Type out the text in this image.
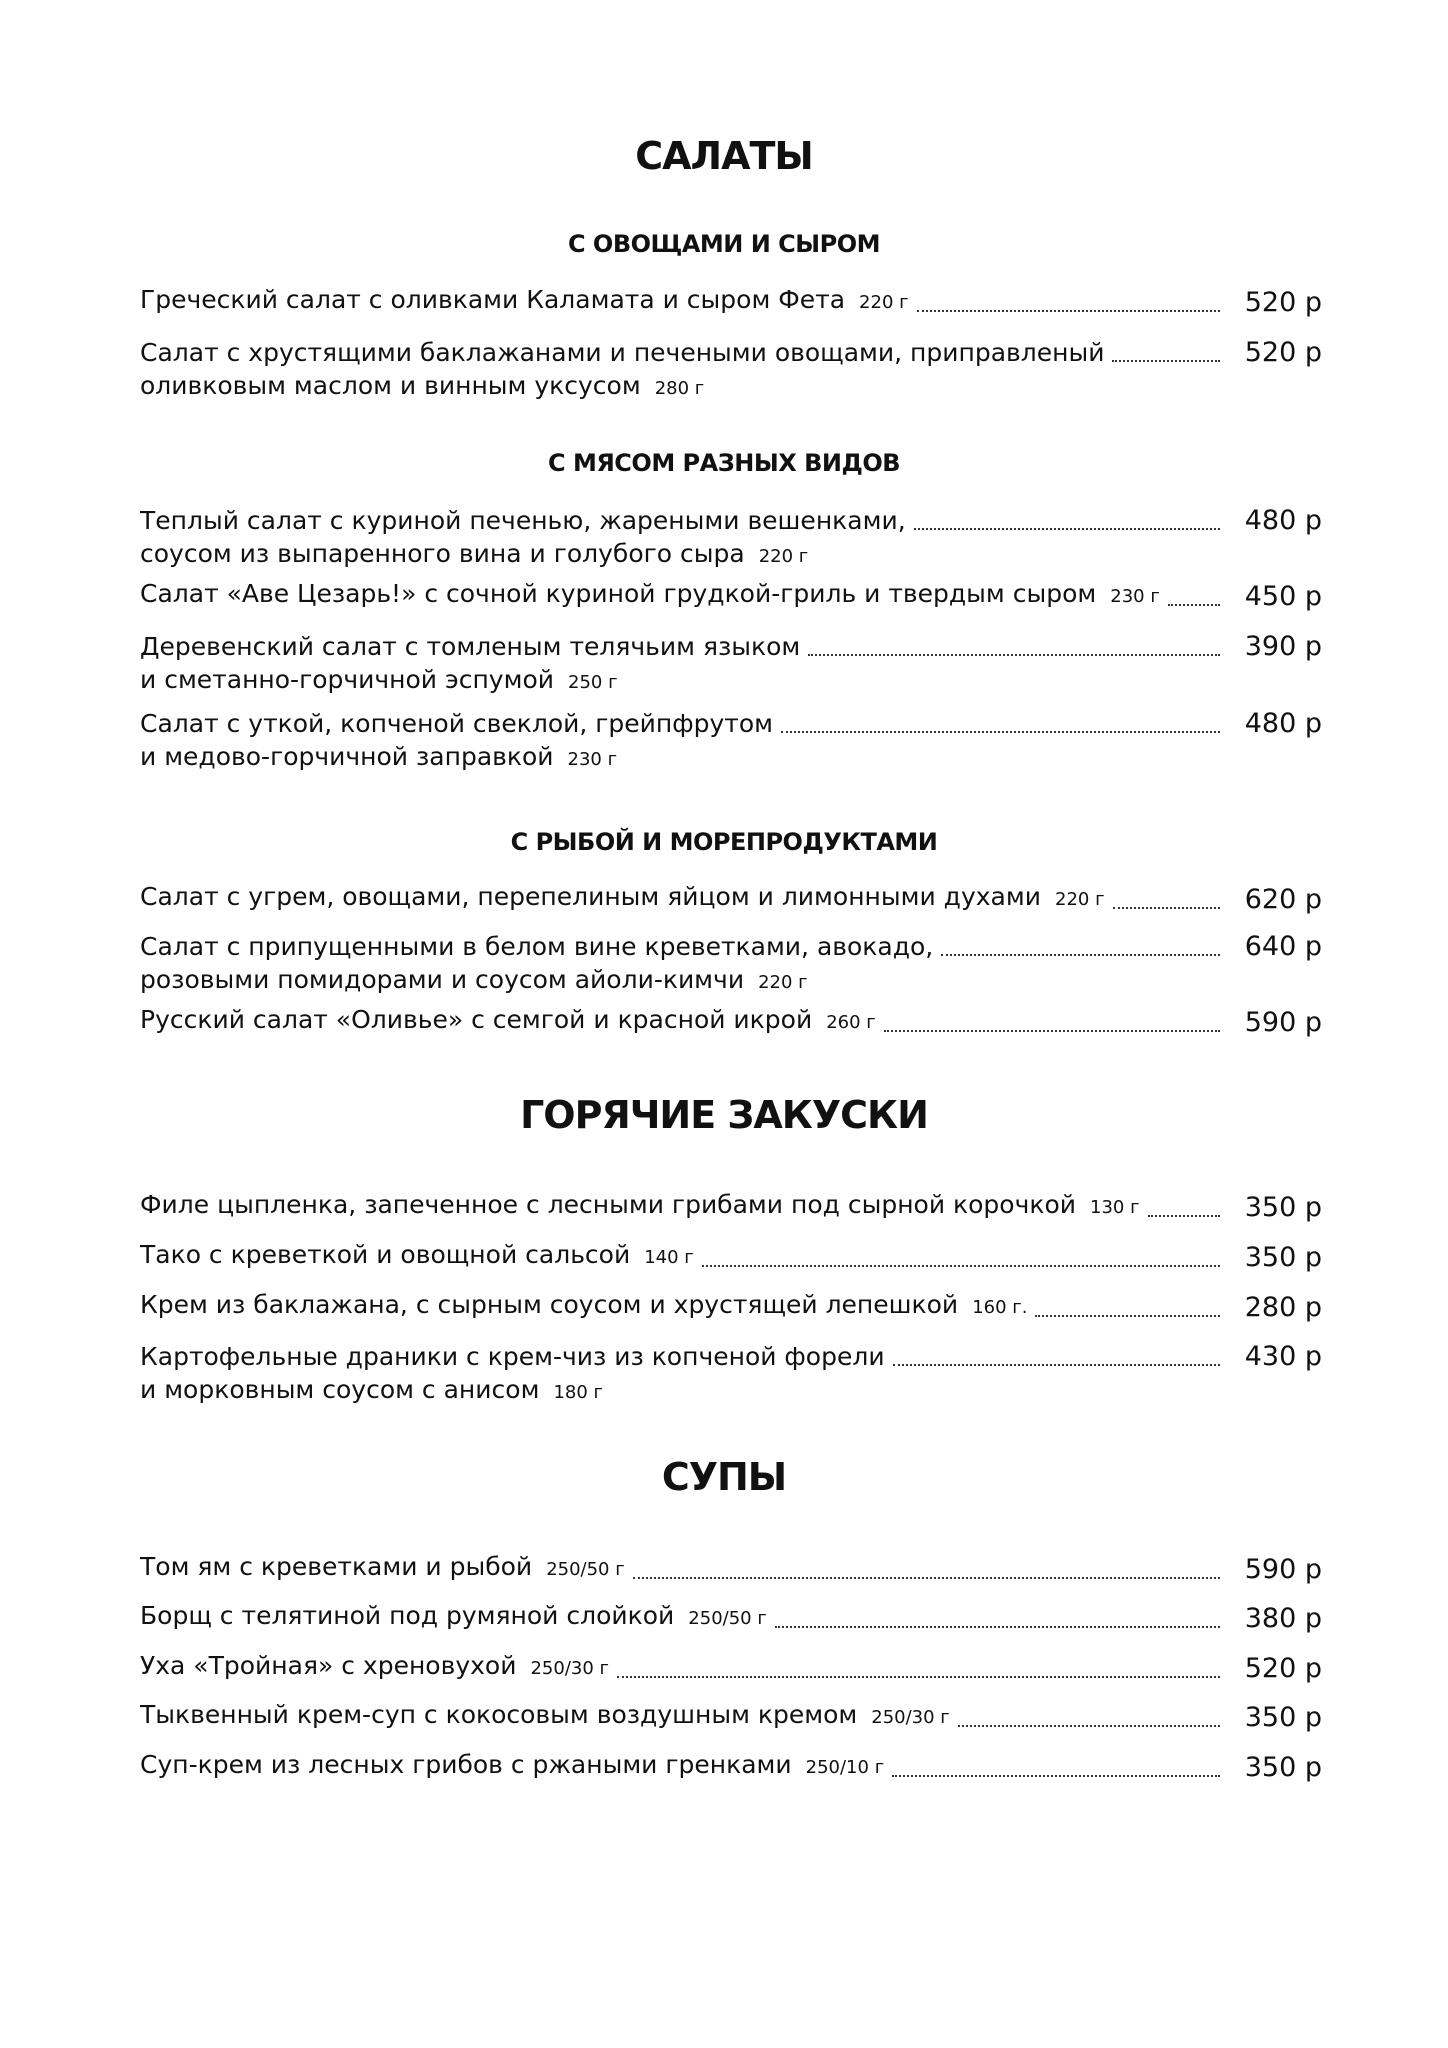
САЛАТЫ
С ОВОЩАМИ И СЫРОМ
Греческий салат с оливками Каламата и сыром Фета 220 г	520 р
Салат с хрустящими баклажанами и печеными овощами, приправленый	520 р
оливковым маслом и винным уксусом 280 г
С МЯСОМ РАЗНЫХ ВИДОВ
Теплый салат с куриной печенью, жареными вешенками,	480 р
соусом из выпаренного вина и голубого сыра 220 г
Салат «Аве Цезарь!» с сочной куриной грудкой-гриль и твердым сыром 230 г	450 р
Деревенский салат с томленым телячьим языком	390 р
и сметанно-горчичной эспумой 250 г
Салат с уткой, копченой свеклой, грейпфрутом	480 р
и медово-горчичной заправкой 230 г
С РЫБОЙ И МОРЕПРОДУКТАМИ
Салат с угрем, овощами, перепелиным яйцом и лимонными духами 220 г	620 р
Салат с припущенными в белом вине креветками, авокадо,	640 р
розовыми помидорами и соусом айоли-кимчи 220 г
Русский салат «Оливье» с семгой и красной икрой 260 г	590 р
ГОРЯЧИЕ ЗАКУСКИ
Филе цыпленка, запеченное с лесными грибами под сырной корочкой 130 г	350 р
Тако с креветкой и овощной сальсой 140 г	350 р
Крем из баклажана, с сырным соусом и хрустящей лепешкой 160 г.	280 р
Картофельные драники с крем-чиз из копченой форели	430 р
и морковным соусом с анисом 180 г
СУПЫ
Том ям с креветками и рыбой 250/50 г	590 р
Борщ с телятиной под румяной слойкой 250/50 г	380 р
Уха «Тройная» с хреновухой 250/30 г	520 р
Тыквенный крем-суп с кокосовым воздушным кремом 250/30 г	350 р
Суп-крем из лесных грибов с ржаными гренками 250/10 г	350 р
